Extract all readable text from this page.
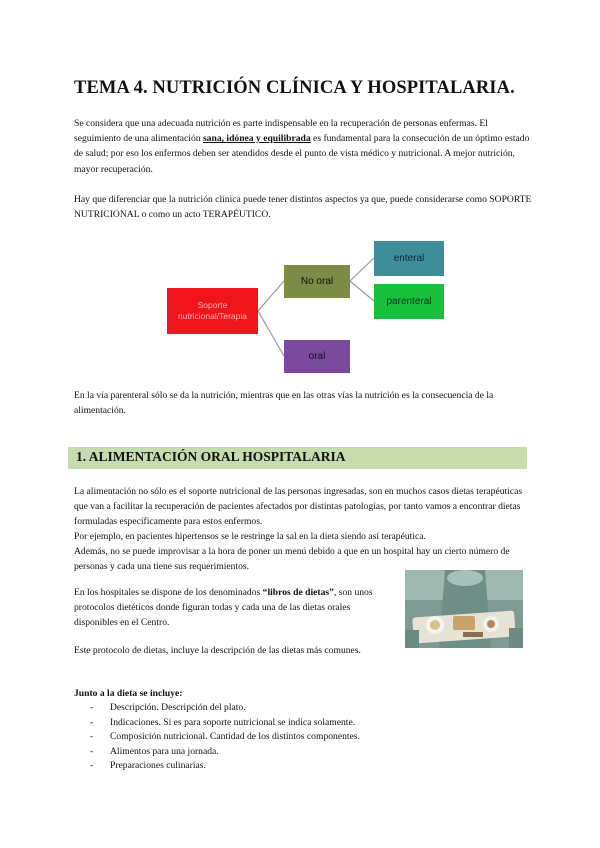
TEMA 4. NUTRICIÓN CLÍNICA Y HOSPITALARIA.

Se considera que una adecuada nutrición es parte indispensable en la recuperación de personas enfermas. El seguimiento de una alimentación sana, idónea y equilibrada es fundamental para la consecución de un óptimo estado de salud; por eso los enfermos deben ser atendidos desde el punto de vista médico y nutricional. A mejor nutrición, mayor recuperación.

Hay que diferenciar que la nutrición clínica puede tener distintos aspectos ya que, puede considerarse como SOPORTE NUTRICIONAL o como un acto TERAPÉUTICO.

Soporte nutricional/Terapia
No oral
enteral
parenteral
oral

En la vía parenteral sólo se da la nutrición, mientras que en las otras vías la nutrición es la consecuencia de la alimentación.

1. ALIMENTACIÓN ORAL HOSPITALARIA

La alimentación no sólo es el soporte nutricional de las personas ingresadas, son en muchos casos dietas terapéuticas que van a facilitar la recuperación de pacientes afectados por distintas patologías, por tanto vamos a encontrar dietas formuladas específicamente para estos enfermos.

Por ejemplo, en pacientes hipertensos se le restringe la sal en la dieta siendo así terapéutica.

Además, no se puede improvisar a la hora de poner un menú debido a que en un hospital hay un cierto número de personas y cada una tiene sus requerimientos.

En los hospitales se dispone de los denominados “libros de dietas”, son unos protocolos dietéticos donde figuran todas y cada una de las dietas orales disponibles en el Centro.

Este protocolo de dietas, incluye la descripción de las dietas más comunes.

Junto a la dieta se incluye:

- Descripción. Descripción del plato.
- Indicaciones. Si es para soporte nutricional se indica solamente.
- Composición nutricional. Cantidad de los distintos componentes.
- Alimentos para una jornada.
- Preparaciones culinarias.
